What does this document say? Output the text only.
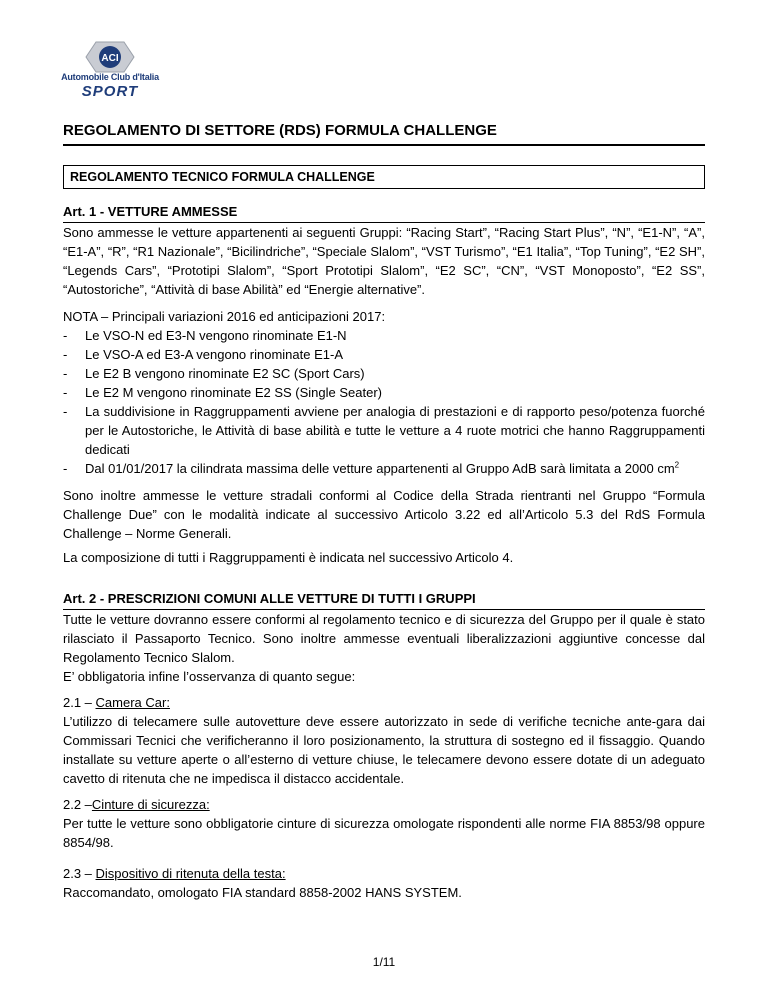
ACI
Automobile Club d'Italia
SPORT
REGOLAMENTO DI SETTORE (RDS) FORMULA CHALLENGE
REGOLAMENTO TECNICO FORMULA CHALLENGE

Art. 1 - VETTURE AMMESSE

Sono ammesse le vetture appartenenti ai seguenti Gruppi: “Racing Start”, “Racing Start Plus”, “N”, “E1-N”, “A”, “E1-A”, “R”, “R1 Nazionale”, “Bicilindriche”, “Speciale Slalom”, “VST Turismo”, “E1 Italia”, “Top Tuning”, “E2 SH”, “Legends Cars”, “Prototipi Slalom”, “Sport Prototipi Slalom”, “E2 SC”, “CN”, “VST Monoposto”, “E2 SS”, “Autostoriche”, “Attività di base Abilità” ed “Energie alternative”.

NOTA – Principali variazioni 2016 ed anticipazioni 2017:

- Le VSO-N ed E3-N vengono rinominate E1-N
- Le VSO-A ed E3-A vengono rinominate E1-A
- Le E2 B vengono rinominate E2 SC (Sport Cars)
- Le E2 M vengono rinominate E2 SS (Single Seater)
- La suddivisione in Raggruppamenti avviene per analogia di prestazioni e di rapporto peso/potenza fuorché per le Autostoriche, le Attività di base abilità e tutte le vetture a 4 ruote motrici che hanno Raggruppamenti dedicati
- Dal 01/01/2017 la cilindrata massima delle vetture appartenenti al Gruppo AdB sarà limitata a 2000 $cm^2$

Sono inoltre ammesse le vetture stradali conformi al Codice della Strada rientranti nel Gruppo “Formula Challenge Due” con le modalità indicate al successivo Articolo 3.22 ed all’Articolo 5.3 del RdS Formula Challenge – Norme Generali.

La composizione di tutti i Raggruppamenti è indicata nel successivo Articolo 4.

Art. 2 - PRESCRIZIONI COMUNI ALLE VETTURE DI TUTTI I GRUPPI

Tutte le vetture dovranno essere conformi al regolamento tecnico e di sicurezza del Gruppo per il quale è stato rilasciato il Passaporto Tecnico. Sono inoltre ammesse eventuali liberalizzazioni aggiuntive concesse dal Regolamento Tecnico Slalom.

E’ obbligatoria infine l’osservanza di quanto segue:

2.1 – Camera Car:

L’utilizzo di telecamere sulle autovetture deve essere autorizzato in sede di verifiche tecniche ante-gara dai Commissari Tecnici che verificheranno il loro posizionamento, la struttura di sostegno ed il fissaggio. Quando installate su vetture aperte o all’esterno di vetture chiuse, le telecamere devono essere dotate di un adeguato cavetto di ritenuta che ne impedisca il distacco accidentale.

2.2 –Cinture di sicurezza:

Per tutte le vetture sono obbligatorie cinture di sicurezza omologate rispondenti alle norme FIA 8853/98 oppure 8854/98.

2.3 – Dispositivo di ritenuta della testa:

Raccomandato, omologato FIA standard 8858-2002 HANS SYSTEM.

1/11
